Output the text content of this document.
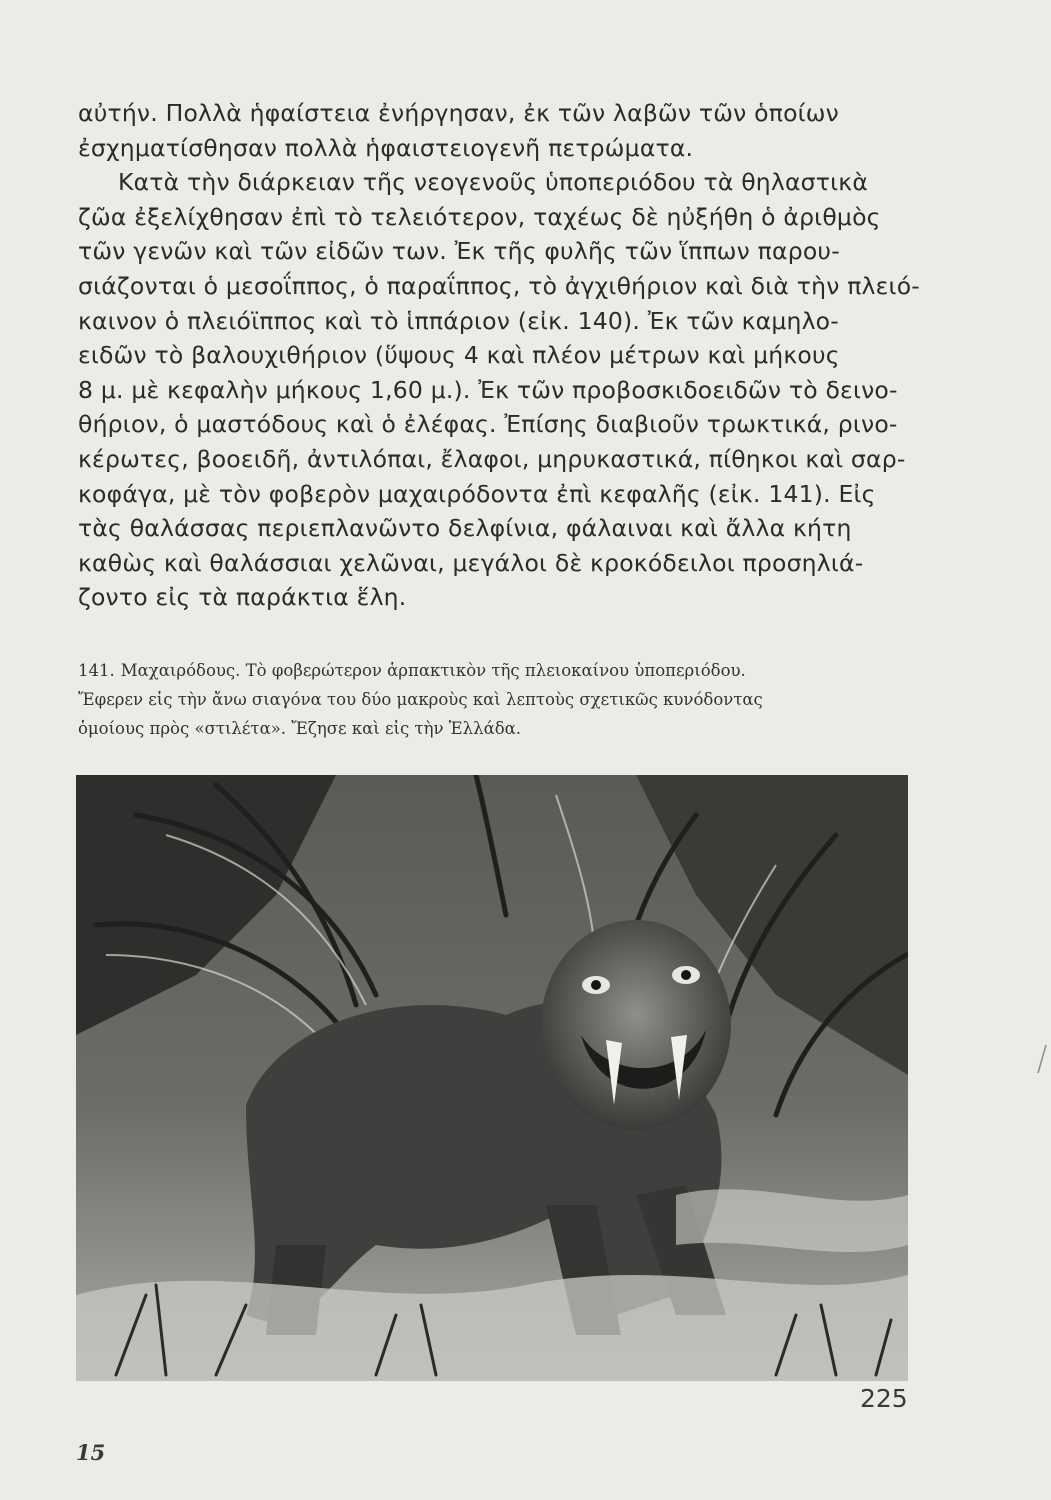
αὐτήν. Πολλὰ ἡφαίστεια ἐνήργησαν, ἐκ τῶν λαβῶν τῶν ὁποίων
ἐσχηματίσθησαν πολλὰ ἡφαιστειογενῆ πετρώματα.
Κατὰ τὴν διάρκειαν τῆς νεογενοῦς ὑποπεριόδου τὰ θηλαστικὰ
ζῶα ἐξελίχθησαν ἐπὶ τὸ τελειότερον, ταχέως δὲ ηὐξήθη ὁ ἀριθμὸς
τῶν γενῶν καὶ τῶν εἰδῶν των. Ἐκ τῆς φυλῆς τῶν ἵππων παρου-
σιάζονται ὁ μεσοΐππος, ὁ παραΐππος, τὸ ἀγχιθήριον καὶ διὰ τὴν πλειό-
καινον ὁ πλειόϊππος καὶ τὸ ἱππάριον (εἰκ. 140). Ἐκ τῶν καμηλο-
ειδῶν τὸ βαλουχιθήριον (ὕψους 4 καὶ πλέον μέτρων καὶ μήκους
8 μ. μὲ κεφαλὴν μήκους 1,60 μ.). Ἐκ τῶν προβοσκιδοειδῶν τὸ δεινο-
θήριον, ὁ μαστόδους καὶ ὁ ἐλέφας. Ἐπίσης διαβιοῦν τρωκτικά, ρινο-
κέρωτες, βοοειδῆ, ἀντιλόπαι, ἔλαφοι, μηρυκαστικά, πίθηκοι καὶ σαρ-
κοφάγα, μὲ τὸν φοβερὸν μαχαιρόδοντα ἐπὶ κεφαλῆς (εἰκ. 141). Εἰς
τὰς θαλάσσας περιεπλανῶντο δελφίνια, φάλαιναι καὶ ἄλλα κήτη
καθὼς καὶ θαλάσσιαι χελῶναι, μεγάλοι δὲ κροκόδειλοι προσηλιά-
ζοντο εἰς τὰ παράκτια ἕλη.
141. Μαχαιρόδους. Τὸ φοβερώτερον ἁρπακτικὸν τῆς πλειοκαίνου ὑποπεριόδου.
Ἔφερεν εἰς τὴν ἄνω σιαγόνα του δύο μακροὺς καὶ λεπτοὺς σχετικῶς κυνόδοντας
ὁμοίους πρὸς «στιλέτα». Ἔζησε καὶ εἰς τὴν Ἑλλάδα.
225
15
